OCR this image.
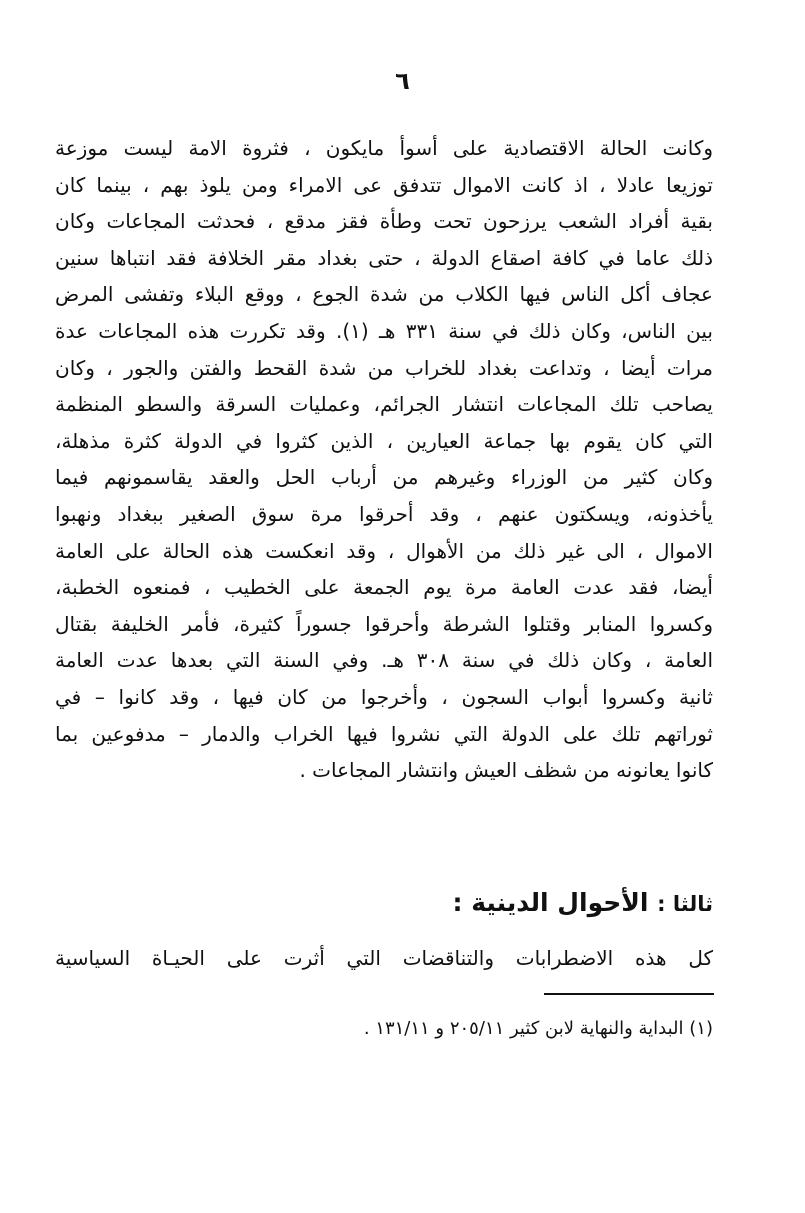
٦
وكانت الحالة الاقتصادية على أسوأ مايكون ، فثروة الامة ليست موزعة
توزيعا عادلا ، اذ كانت الاموال تتدفق عى الامراء ومن يلوذ بهم ، بينما كان
بقية أفراد الشعب يرزحون تحت وطأة فقز مدقع ، فحدثت المجاعات وكان
ذلك عاما في كافة اصقاع الدولة ، حتى بغداد مقر الخلافة فقد انتباها سنين
عجاف أكل الناس فيها الكلاب من شدة الجوع ، ووقع البلاء وتفشى المرض
بين الناس، وكان ذلك في سنة ٣٣١ هـ (١). وقد تكررت هذه المجاعات عدة
مرات أيضا ، وتداعت بغداد للخراب من شدة القحط والفتن والجور ، وكان
يصاحب تلك المجاعات انتشار الجرائم، وعمليات السرقة والسطو المنظمة
التي كان يقوم بها جماعة العيارين ، الذين كثروا في الدولة كثرة مذهلة،
وكان كثير من الوزراء وغيرهم من أرباب الحل والعقد يقاسمونهم فيما
يأخذونه، ويسكتون عنهم ، وقد أحرقوا مرة سوق الصغير ببغداد ونهبوا
الاموال ، الى غير ذلك من الأهوال ، وقد انعكست هذه الحالة على العامة
أيضا، فقد عدت العامة مرة يوم الجمعة على الخطيب ، فمنعوه الخطبة،
وكسروا المنابر وقتلوا الشرطة وأحرقوا جسوراً كثيرة، فأمر الخليفة بقتال
العامة ، وكان ذلك في سنة ٣٠٨ هـ. وفي السنة التي بعدها عدت العامة
ثانية وكسروا أبواب السجون ، وأخرجوا من كان فيها ، وقد كانوا – في
ثوراتهم تلك على الدولة التي نشروا فيها الخراب والدمار – مدفوعين بما
كانوا يعانونه من شظف العيش وانتشار المجاعات .
ثالثا : الأحوال الدينية :
كل هذه الاضطرابات والتناقضات التي أثرت على الحيـاة السياسية
(١) البداية والنهاية لابن كثير ٢٠٥/١١ و ١٣١/١١ .
